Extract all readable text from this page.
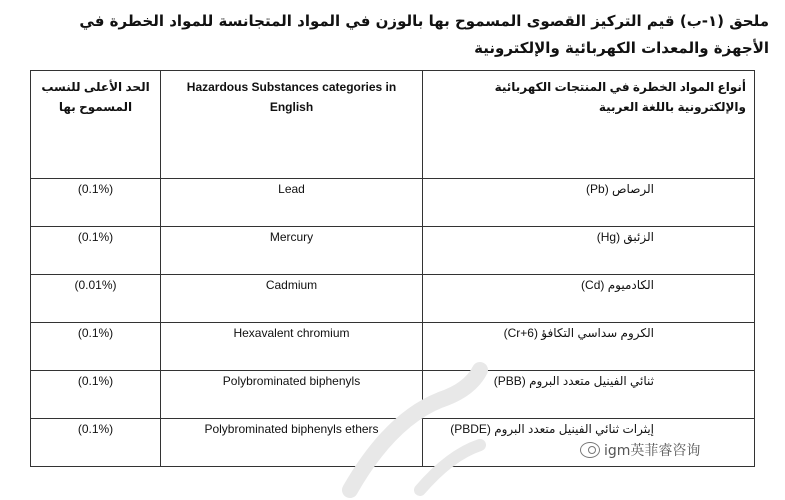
ملحق (١-ب) قيم التركيز القصوى المسموح بها بالوزن في المواد المتجانسة للمواد الخطرة في الأجهزة والمعدات الكهربائية والإلكترونية
الحد الأعلى للنسب المسموح بها	Hazardous Substances categories in English	أنواع المواد الخطرة في المنتجات الكهربائية والإلكترونية باللغة العربية
(0.1%)	Lead	الرصاص (Pb)
(0.1%)	Mercury	الزئبق (Hg)
(0.01%)	Cadmium	الكادميوم (Cd)
(0.1%)	Hexavalent chromium	الكروم سداسي التكافؤ (Cr+6)
(0.1%)	Polybrominated biphenyls	ثنائي الفينيل متعدد البروم (PBB)
(0.1%)	Polybrominated biphenyls ethers	إيثرات ثنائي الفينيل متعدد البروم (PBDE)
igm英菲睿咨询
